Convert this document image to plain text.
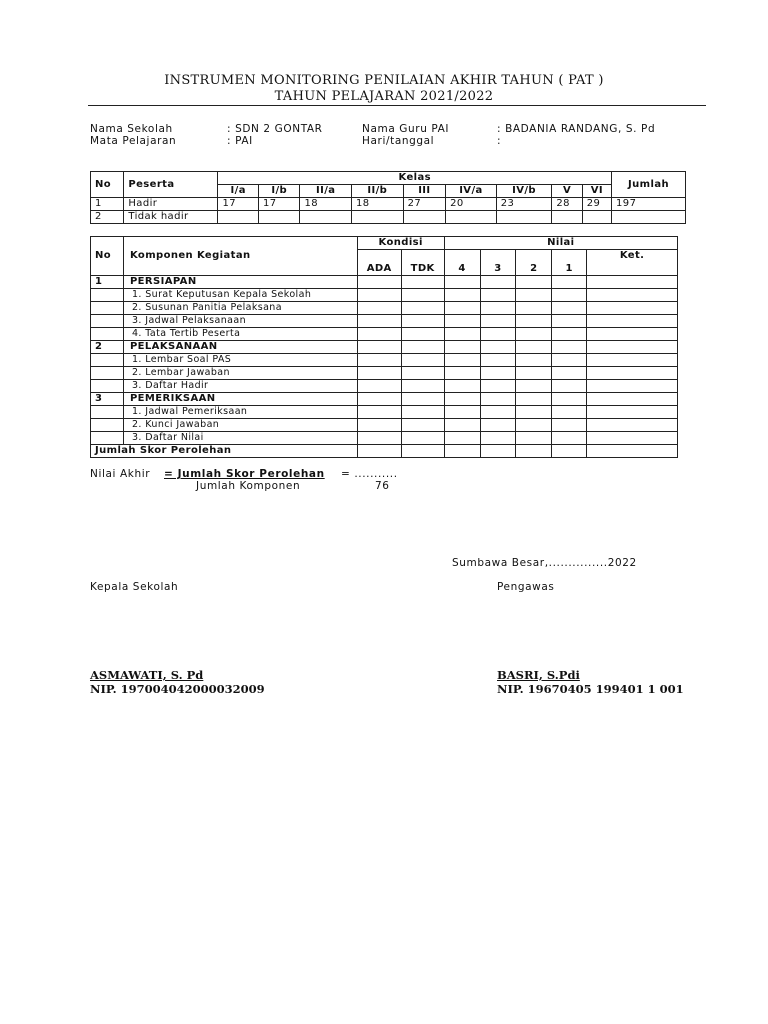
INSTRUMEN MONITORING PENILAIAN AKHIR TAHUN ( PAT )
TAHUN PELAJARAN 2021/2022
Nama Sekolah	: SDN 2 GONTAR	Nama Guru PAI	: BADANIA RANDANG, S. Pd
Mata Pelajaran	: PAI	Hari/tanggal	:
No	Peserta	Kelas									Jumlah
		I/a	I/b	II/a	II/b	III	IV/a	IV/b	V	VI	
1	Hadir	17	17	18	18	27	20	23	28	29	197
2	Tidak hadir										
No	Komponen Kegiatan	Kondisi		Nilai				
		ADA	TDK	4	3	2	1	Ket.
1	PERSIAPAN							
	1. Surat Keputusan Kepala Sekolah							
	2. Susunan Panitia Pelaksana							
	3. Jadwal Pelaksanaan							
	4. Tata Tertib Peserta							
2	PELAKSANAAN							
	1. Lembar Soal PAS							
	2. Lembar Jawaban							
	3. Daftar Hadir							
3	PEMERIKSAAN							
	1. Jadwal Pemeriksaan							
	2. Kunci Jawaban							
	3. Daftar Nilai							
Jumlah Skor Perolehan								
Nilai Akhir = Jumlah Skor Perolehan = ...........
Jumlah Komponen	76
Sumbawa Besar,...............2022
Kepala Sekolah	Pengawas
ASMAWATI, S. Pd
NIP. 197004042000032009
BASRI, S.Pdi
NIP. 19670405 199401 1 001
